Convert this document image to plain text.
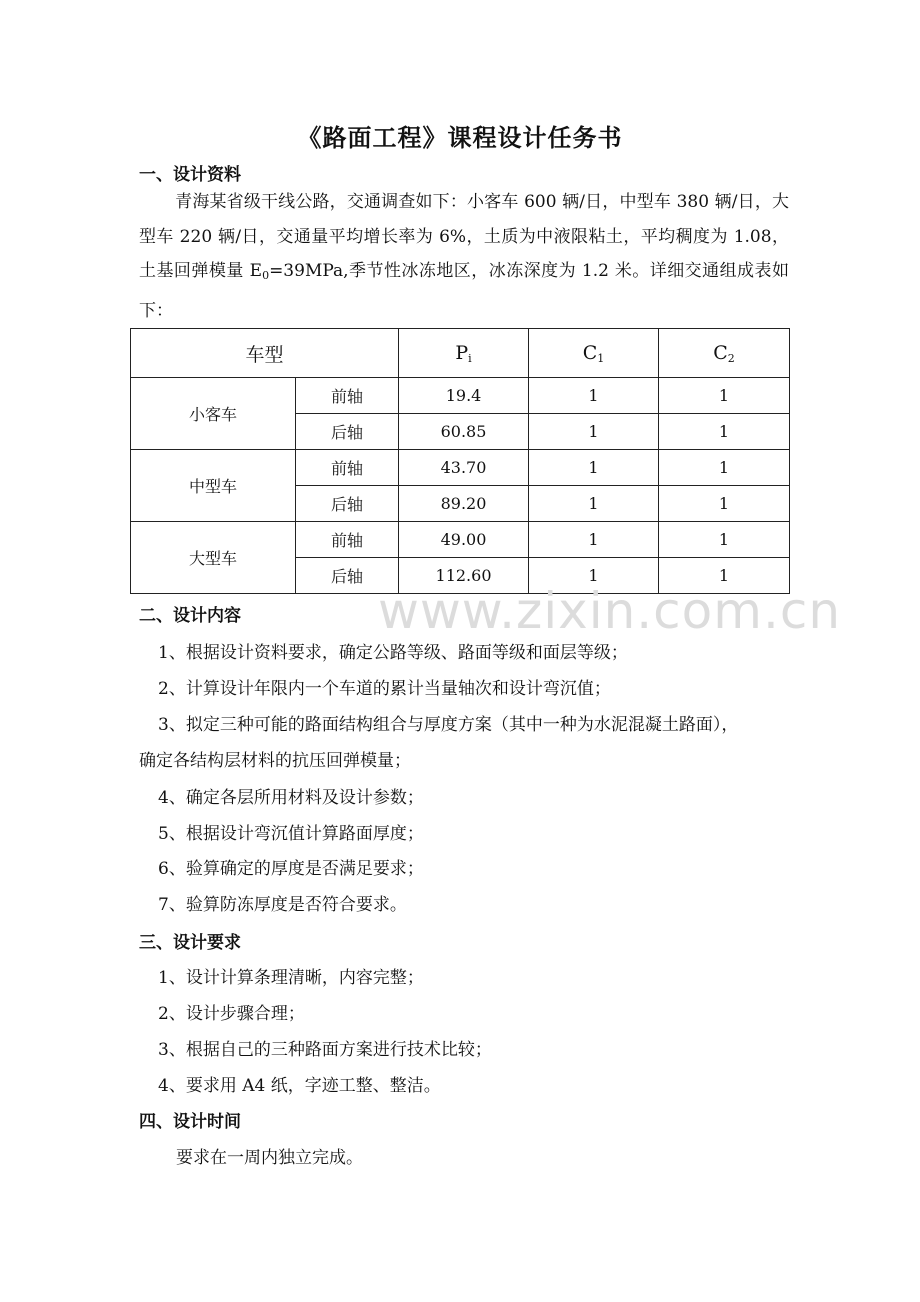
《路面工程》课程设计任务书
一、设计资料
青海某省级干线公路，交通调查如下：小客车 600 辆/日，中型车 380 辆/日，大型车 220 辆/日，交通量平均增长率为 6%，土质为中液限粘土，平均稠度为 1.08，土基回弹模量 $E_0=39MPa$,季节性冰冻地区，冰冻深度为 1.2 米。详细交通组成表如下：
车型		$P_i$	$C_1$	$C_2$
小客车	前轴	19.4	1	1
	后轴	60.85	1	1
中型车	前轴	43.70	1	1
	后轴	89.20	1	1
大型车	前轴	49.00	1	1
	后轴	112.60	1	1
www.zixin.com.cn
二、设计内容
1、根据设计资料要求，确定公路等级、路面等级和面层等级；
2、计算设计年限内一个车道的累计当量轴次和设计弯沉值；
3、拟定三种可能的路面结构组合与厚度方案（其中一种为水泥混凝土路面），
确定各结构层材料的抗压回弹模量；
4、确定各层所用材料及设计参数；
5、根据设计弯沉值计算路面厚度；
6、验算确定的厚度是否满足要求；
7、验算防冻厚度是否符合要求。
三、设计要求
1、设计计算条理清晰，内容完整；
2、设计步骤合理；
3、根据自己的三种路面方案进行技术比较；
4、要求用 A4 纸，字迹工整、整洁。
四、设计时间
要求在一周内独立完成。
